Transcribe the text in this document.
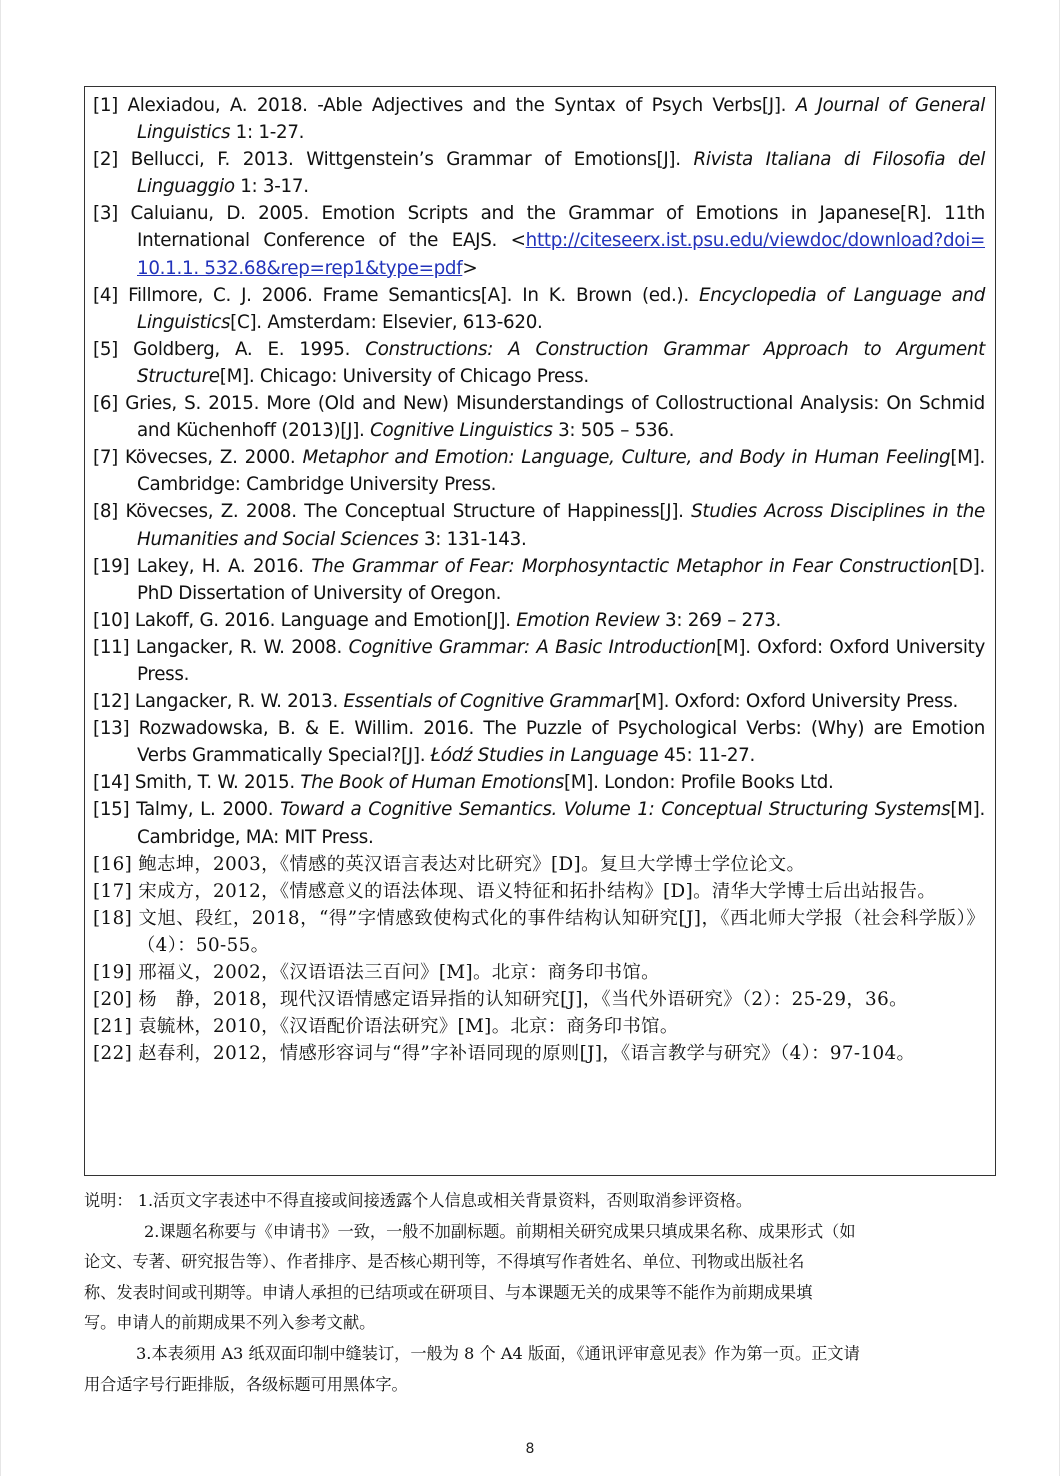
[1] Alexiadou, A. 2018. -Able Adjectives and the Syntax of Psych Verbs[J]. A Journal of General Linguistics 1: 1-27.
[2] Bellucci, F. 2013. Wittgenstein’s Grammar of Emotions[J]. Rivista Italiana di Filosofia del Linguaggio 1: 3-17.
[3] Caluianu, D. 2005. Emotion Scripts and the Grammar of Emotions in Japanese[R]. 11th International Conference of the EAJS. <http://citeseerx.ist.psu.edu/viewdoc/download?doi= 10.1.1. 532.68&rep=rep1&type=pdf>
[4] Fillmore, C. J. 2006. Frame Semantics[A]. In K. Brown (ed.). Encyclopedia of Language and Linguistics[C]. Amsterdam: Elsevier, 613-620.
[5] Goldberg, A. E. 1995. Constructions: A Construction Grammar Approach to Argument Structure[M]. Chicago: University of Chicago Press.
[6] Gries, S. 2015. More (Old and New) Misunderstandings of Collostructional Analysis: On Schmid and Küchenhoff (2013)[J]. Cognitive Linguistics 3: 505 – 536.
[7] Kövecses, Z. 2000. Metaphor and Emotion: Language, Culture, and Body in Human Feeling[M]. Cambridge: Cambridge University Press.
[8] Kövecses, Z. 2008. The Conceptual Structure of Happiness[J]. Studies Across Disciplines in the Humanities and Social Sciences 3: 131-143.
[19] Lakey, H. A. 2016. The Grammar of Fear: Morphosyntactic Metaphor in Fear Construction[D]. PhD Dissertation of University of Oregon.
[10] Lakoff, G. 2016. Language and Emotion[J]. Emotion Review 3: 269 – 273.
[11] Langacker, R. W. 2008. Cognitive Grammar: A Basic Introduction[M]. Oxford: Oxford University Press.
[12] Langacker, R. W. 2013. Essentials of Cognitive Grammar[M]. Oxford: Oxford University Press.
[13] Rozwadowska, B. & E. Willim. 2016. The Puzzle of Psychological Verbs: (Why) are Emotion Verbs Grammatically Special?[J]. Łódź Studies in Language 45: 11-27.
[14] Smith, T. W. 2015. The Book of Human Emotions[M]. London: Profile Books Ltd.
[15] Talmy, L. 2000. Toward a Cognitive Semantics. Volume 1: Conceptual Structuring Systems[M]. Cambridge, MA: MIT Press.
[16] 鲍志坤，2003，《情感的英汉语言表达对比研究》[D]。复旦大学博士学位论文。
[17] 宋成方，2012，《情感意义的语法体现、语义特征和拓扑结构》[D]。清华大学博士后出站报告。
[18] 文旭、段红，2018，“得”字情感致使构式化的事件结构认知研究[J]，《西北师大学报（社会科学版）》（4）：50-55。
[19] 邢福义，2002，《汉语语法三百问》[M]。北京：商务印书馆。
[20] 杨　静，2018，现代汉语情感定语异指的认知研究[J]，《当代外语研究》（2）：25-29，36。
[21] 袁毓林，2010，《汉语配价语法研究》[M]。北京：商务印书馆。
[22] 赵春利，2012，情感形容词与“得”字补语同现的原则[J]，《语言教学与研究》（4）：97-104。
说明： 1.活页文字表述中不得直接或间接透露个人信息或相关背景资料，否则取消参评资格。
2.课题名称要与《申请书》一致，一般不加副标题。前期相关研究成果只填成果名称、成果形式（如
论文、专著、研究报告等）、作者排序、是否核心期刊等，不得填写作者姓名、单位、刊物或出版社名
称、发表时间或刊期等。申请人承担的已结项或在研项目、与本课题无关的成果等不能作为前期成果填
写。申请人的前期成果不列入参考文献。
3.本表须用 A3 纸双面印制中缝装订，一般为 8 个 A4 版面，《通讯评审意见表》作为第一页。正文请
用合适字号行距排版，各级标题可用黑体字。
8
